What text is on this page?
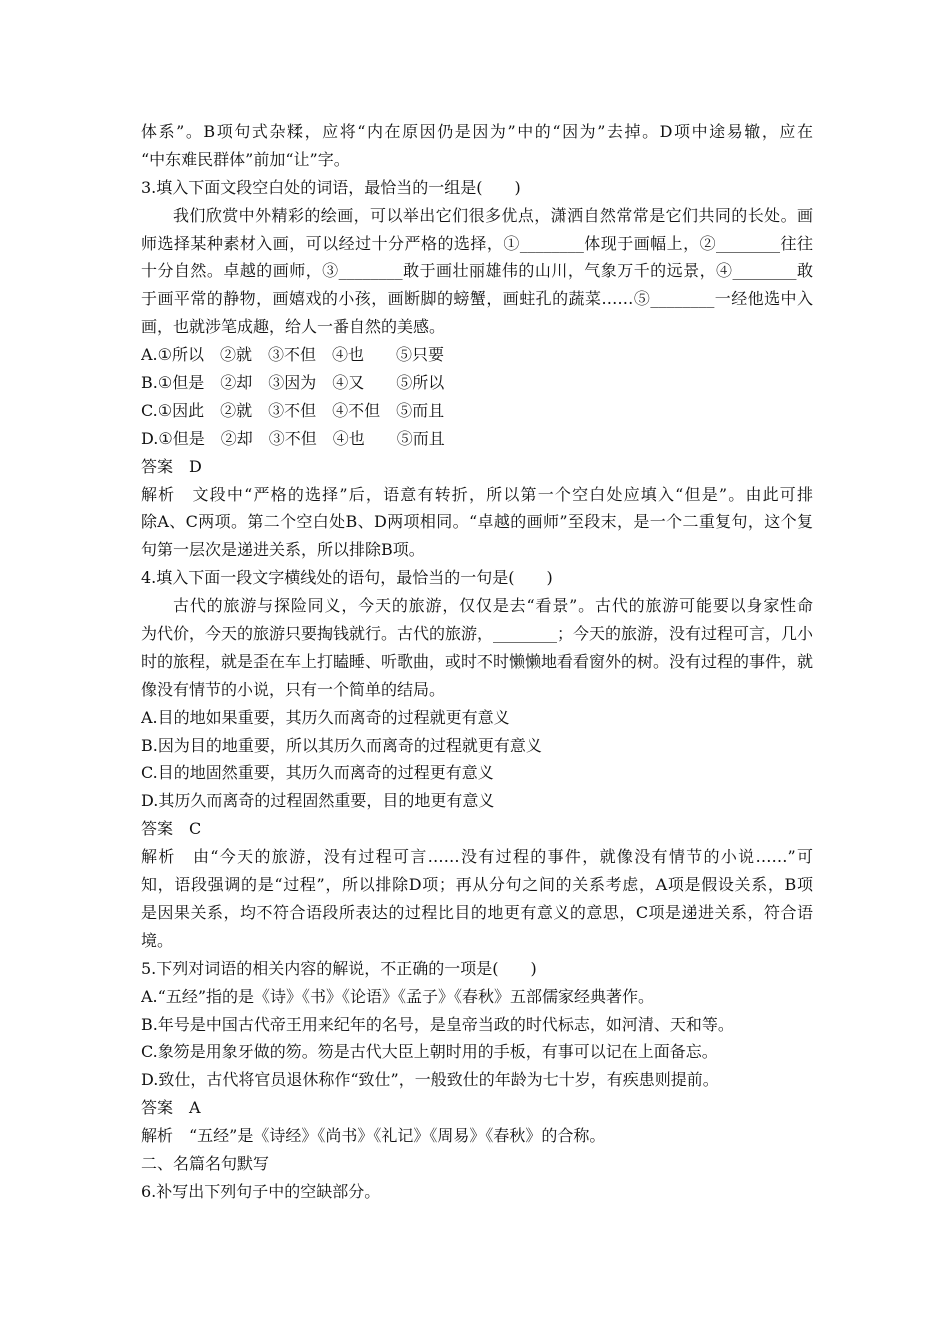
体系”。B项句式杂糅，应将“内在原因仍是因为”中的“因为”去掉。D项中途易辙，应在
“中东难民群体”前加“让”字。
3.填入下面文段空白处的词语，最恰当的一组是(　　)
我们欣赏中外精彩的绘画，可以举出它们很多优点，潇洒自然常常是它们共同的长处。画
师选择某种素材入画，可以经过十分严格的选择，①________体现于画幅上，②________往往
十分自然。卓越的画师，③________敢于画壮丽雄伟的山川，气象万千的远景，④________敢
于画平常的静物，画嬉戏的小孩，画断脚的螃蟹，画蛀孔的蔬菜……⑤________一经他选中入
画，也就涉笔成趣，给人一番自然的美感。
A.①所以　②就　③不但　④也　　⑤只要
B.①但是　②却　③因为　④又　　⑤所以
C.①因此　②就　③不但　④不但　⑤而且
D.①但是　②却　③不但　④也　　⑤而且
答案　D
解析　文段中“严格的选择”后，语意有转折，所以第一个空白处应填入“但是”。由此可排
除A、C两项。第二个空白处B、D两项相同。“卓越的画师”至段末，是一个二重复句，这个复
句第一层次是递进关系，所以排除B项。
4.填入下面一段文字横线处的语句，最恰当的一句是(　　)
古代的旅游与探险同义，今天的旅游，仅仅是去“看景”。古代的旅游可能要以身家性命
为代价，今天的旅游只要掏钱就行。古代的旅游，________；今天的旅游，没有过程可言，几小
时的旅程，就是歪在车上打瞌睡、听歌曲，或时不时懒懒地看看窗外的树。没有过程的事件，就
像没有情节的小说，只有一个简单的结局。
A.目的地如果重要，其历久而离奇的过程就更有意义
B.因为目的地重要，所以其历久而离奇的过程就更有意义
C.目的地固然重要，其历久而离奇的过程更有意义
D.其历久而离奇的过程固然重要，目的地更有意义
答案　C
解析　由“今天的旅游，没有过程可言……没有过程的事件，就像没有情节的小说……”可
知，语段强调的是“过程”，所以排除D项；再从分句之间的关系考虑，A项是假设关系，B项
是因果关系，均不符合语段所表达的过程比目的地更有意义的意思，C项是递进关系，符合语
境。
5.下列对词语的相关内容的解说，不正确的一项是(　　)
A.“五经”指的是《诗》《书》《论语》《孟子》《春秋》五部儒家经典著作。
B.年号是中国古代帝王用来纪年的名号，是皇帝当政的时代标志，如河清、天和等。
C.象笏是用象牙做的笏。笏是古代大臣上朝时用的手板，有事可以记在上面备忘。
D.致仕，古代将官员退休称作“致仕”，一般致仕的年龄为七十岁，有疾患则提前。
答案　A
解析　“五经”是《诗经》《尚书》《礼记》《周易》《春秋》的合称。
二、名篇名句默写
6.补写出下列句子中的空缺部分。
